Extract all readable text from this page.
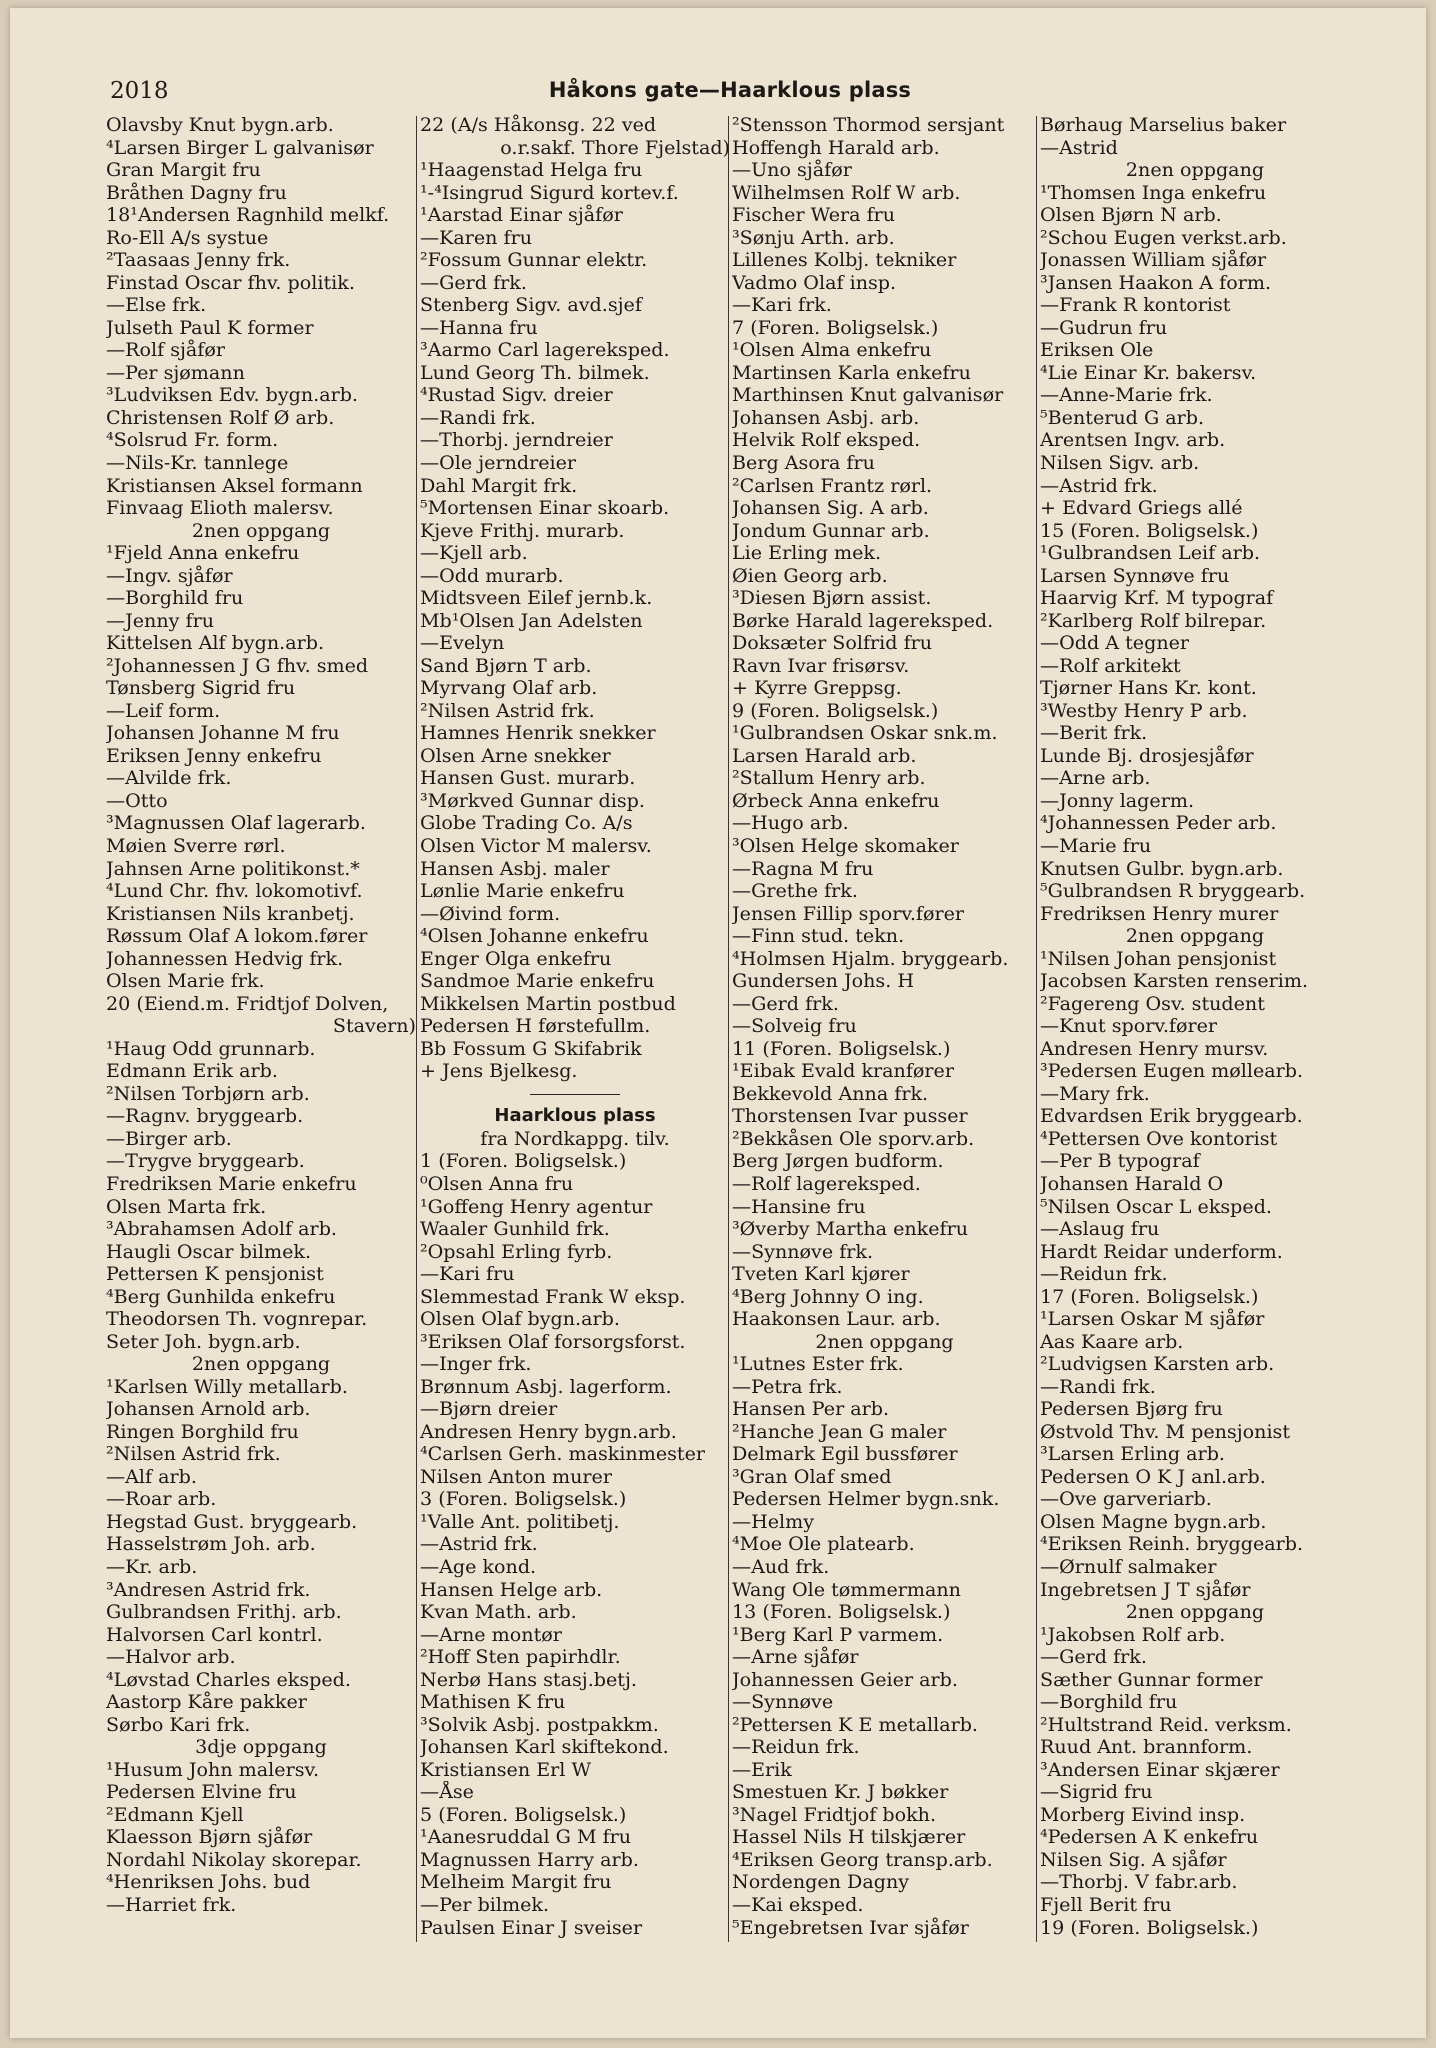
2018	Håkons gate—Haarklous plass
Olavsby Knut bygn.arb.
⁴Larsen Birger L galvanisør
Gran Margit fru
Bråthen Dagny fru
18¹Andersen Ragnhild melkf.
Ro-Ell A/s systue
²Taasaas Jenny frk.
Finstad Oscar fhv. politik.
—Else frk.
Julseth Paul K former
—Rolf sjåfør
—Per sjømann
³Ludviksen Edv. bygn.arb.
Christensen Rolf Ø arb.
⁴Solsrud Fr. form.
—Nils-Kr. tannlege
Kristiansen Aksel formann
Finvaag Elioth malersv.
2nen oppgang
¹Fjeld Anna enkefru
—Ingv. sjåfør
—Borghild fru
—Jenny fru
Kittelsen Alf bygn.arb.
²Johannessen J G fhv. smed
Tønsberg Sigrid fru
—Leif form.
Johansen Johanne M fru
Eriksen Jenny enkefru
—Alvilde frk.
—Otto
³Magnussen Olaf lagerarb.
Møien Sverre rørl.
Jahnsen Arne politikonst.*
⁴Lund Chr. fhv. lokomotivf.
Kristiansen Nils kranbetj.
Røssum Olaf A lokom.fører
Johannessen Hedvig frk.
Olsen Marie frk.
20 (Eiend.m. Fridtjof Dolven,
Stavern)
¹Haug Odd grunnarb.
Edmann Erik arb.
²Nilsen Torbjørn arb.
—Ragnv. bryggearb.
—Birger arb.
—Trygve bryggearb.
Fredriksen Marie enkefru
Olsen Marta frk.
³Abrahamsen Adolf arb.
Haugli Oscar bilmek.
Pettersen K pensjonist
⁴Berg Gunhilda enkefru
Theodorsen Th. vognrepar.
Seter Joh. bygn.arb.
2nen oppgang
¹Karlsen Willy metallarb.
Johansen Arnold arb.
Ringen Borghild fru
²Nilsen Astrid frk.
—Alf arb.
—Roar arb.
Hegstad Gust. bryggearb.
Hasselstrøm Joh. arb.
—Kr. arb.
³Andresen Astrid frk.
Gulbrandsen Frithj. arb.
Halvorsen Carl kontrl.
—Halvor arb.
⁴Løvstad Charles eksped.
Aastorp Kåre pakker
Sørbo Kari frk.
3dje oppgang
¹Husum John malersv.
Pedersen Elvine fru
²Edmann Kjell
Klaesson Bjørn sjåfør
Nordahl Nikolay skorepar.
⁴Henriksen Johs. bud
—Harriet frk.
22 (A/s Håkonsg. 22 ved
o.r.sakf. Thore Fjelstad)
¹Haagenstad Helga fru
¹-⁴Isingrud Sigurd kortev.f.
¹Aarstad Einar sjåfør
—Karen fru
²Fossum Gunnar elektr.
—Gerd frk.
Stenberg Sigv. avd.sjef
—Hanna fru
³Aarmo Carl lagereksped.
Lund Georg Th. bilmek.
⁴Rustad Sigv. dreier
—Randi frk.
—Thorbj. jerndreier
—Ole jerndreier
Dahl Margit frk.
⁵Mortensen Einar skoarb.
Kjeve Frithj. murarb.
—Kjell arb.
—Odd murarb.
Midtsveen Eilef jernb.k.
Mb¹Olsen Jan Adelsten
—Evelyn
Sand Bjørn T arb.
Myrvang Olaf arb.
²Nilsen Astrid frk.
Hamnes Henrik snekker
Olsen Arne snekker
Hansen Gust. murarb.
³Mørkved Gunnar disp.
Globe Trading Co. A/s
Olsen Victor M malersv.
Hansen Asbj. maler
Lønlie Marie enkefru
—Øivind form.
⁴Olsen Johanne enkefru
Enger Olga enkefru
Sandmoe Marie enkefru
Mikkelsen Martin postbud
Pedersen H førstefullm.
Bb Fossum G Skifabrik
+ Jens Bjelkesg.
Haarklous plass
fra Nordkappg. tilv.
1 (Foren. Boligselsk.)
⁰Olsen Anna fru
¹Goffeng Henry agentur
Waaler Gunhild frk.
²Opsahl Erling fyrb.
—Kari fru
Slemmestad Frank W eksp.
Olsen Olaf bygn.arb.
³Eriksen Olaf forsorgsforst.
—Inger frk.
Brønnum Asbj. lagerform.
—Bjørn dreier
Andresen Henry bygn.arb.
⁴Carlsen Gerh. maskinmester
Nilsen Anton murer
3 (Foren. Boligselsk.)
¹Valle Ant. politibetj.
—Astrid frk.
—Age kond.
Hansen Helge arb.
Kvan Math. arb.
—Arne montør
²Hoff Sten papirhdlr.
Nerbø Hans stasj.betj.
Mathisen K fru
³Solvik Asbj. postpakkm.
Johansen Karl skiftekond.
Kristiansen Erl W
—Åse
5 (Foren. Boligselsk.)
¹Aanesruddal G M fru
Magnussen Harry arb.
Melheim Margit fru
—Per bilmek.
Paulsen Einar J sveiser
²Stensson Thormod sersjant
Hoffengh Harald arb.
—Uno sjåfør
Wilhelmsen Rolf W arb.
Fischer Wera fru
³Sønju Arth. arb.
Lillenes Kolbj. tekniker
Vadmo Olaf insp.
—Kari frk.
7 (Foren. Boligselsk.)
¹Olsen Alma enkefru
Martinsen Karla enkefru
Marthinsen Knut galvanisør
Johansen Asbj. arb.
Helvik Rolf eksped.
Berg Asora fru
²Carlsen Frantz rørl.
Johansen Sig. A arb.
Jondum Gunnar arb.
Lie Erling mek.
Øien Georg arb.
³Diesen Bjørn assist.
Børke Harald lagereksped.
Doksæter Solfrid fru
Ravn Ivar frisørsv.
+ Kyrre Greppsg.
9 (Foren. Boligselsk.)
¹Gulbrandsen Oskar snk.m.
Larsen Harald arb.
²Stallum Henry arb.
Ørbeck Anna enkefru
—Hugo arb.
³Olsen Helge skomaker
—Ragna M fru
—Grethe frk.
Jensen Fillip sporv.fører
—Finn stud. tekn.
⁴Holmsen Hjalm. bryggearb.
Gundersen Johs. H
—Gerd frk.
—Solveig fru
11 (Foren. Boligselsk.)
¹Eibak Evald kranfører
Bekkevold Anna frk.
Thorstensen Ivar pusser
²Bekkåsen Ole sporv.arb.
Berg Jørgen budform.
—Rolf lagereksped.
—Hansine fru
³Øverby Martha enkefru
—Synnøve frk.
Tveten Karl kjører
⁴Berg Johnny O ing.
Haakonsen Laur. arb.
2nen oppgang
¹Lutnes Ester frk.
—Petra frk.
Hansen Per arb.
²Hanche Jean G maler
Delmark Egil bussfører
³Gran Olaf smed
Pedersen Helmer bygn.snk.
—Helmy
⁴Moe Ole platearb.
—Aud frk.
Wang Ole tømmermann
13 (Foren. Boligselsk.)
¹Berg Karl P varmem.
—Arne sjåfør
Johannessen Geier arb.
—Synnøve
²Pettersen K E metallarb.
—Reidun frk.
—Erik
Smestuen Kr. J bøkker
³Nagel Fridtjof bokh.
Hassel Nils H tilskjærer
⁴Eriksen Georg transp.arb.
Nordengen Dagny
—Kai eksped.
⁵Engebretsen Ivar sjåfør
Børhaug Marselius baker
—Astrid
2nen oppgang
¹Thomsen Inga enkefru
Olsen Bjørn N arb.
²Schou Eugen verkst.arb.
Jonassen William sjåfør
³Jansen Haakon A form.
—Frank R kontorist
—Gudrun fru
Eriksen Ole
⁴Lie Einar Kr. bakersv.
—Anne-Marie frk.
⁵Benterud G arb.
Arentsen Ingv. arb.
Nilsen Sigv. arb.
—Astrid frk.
+ Edvard Griegs allé
15 (Foren. Boligselsk.)
¹Gulbrandsen Leif arb.
Larsen Synnøve fru
Haarvig Krf. M typograf
²Karlberg Rolf bilrepar.
—Odd A tegner
—Rolf arkitekt
Tjørner Hans Kr. kont.
³Westby Henry P arb.
—Berit frk.
Lunde Bj. drosjesjåfør
—Arne arb.
—Jonny lagerm.
⁴Johannessen Peder arb.
—Marie fru
Knutsen Gulbr. bygn.arb.
⁵Gulbrandsen R bryggearb.
Fredriksen Henry murer
2nen oppgang
¹Nilsen Johan pensjonist
Jacobsen Karsten renserim.
²Fagereng Osv. student
—Knut sporv.fører
Andresen Henry mursv.
³Pedersen Eugen møllearb.
—Mary frk.
Edvardsen Erik bryggearb.
⁴Pettersen Ove kontorist
—Per B typograf
Johansen Harald O
⁵Nilsen Oscar L eksped.
—Aslaug fru
Hardt Reidar underform.
—Reidun frk.
17 (Foren. Boligselsk.)
¹Larsen Oskar M sjåfør
Aas Kaare arb.
²Ludvigsen Karsten arb.
—Randi frk.
Pedersen Bjørg fru
Østvold Thv. M pensjonist
³Larsen Erling arb.
Pedersen O K J anl.arb.
—Ove garveriarb.
Olsen Magne bygn.arb.
⁴Eriksen Reinh. bryggearb.
—Ørnulf salmaker
Ingebretsen J T sjåfør
2nen oppgang
¹Jakobsen Rolf arb.
—Gerd frk.
Sæther Gunnar former
—Borghild fru
²Hultstrand Reid. verksm.
Ruud Ant. brannform.
³Andersen Einar skjærer
—Sigrid fru
Morberg Eivind insp.
⁴Pedersen A K enkefru
Nilsen Sig. A sjåfør
—Thorbj. V fabr.arb.
Fjell Berit fru
19 (Foren. Boligselsk.)
